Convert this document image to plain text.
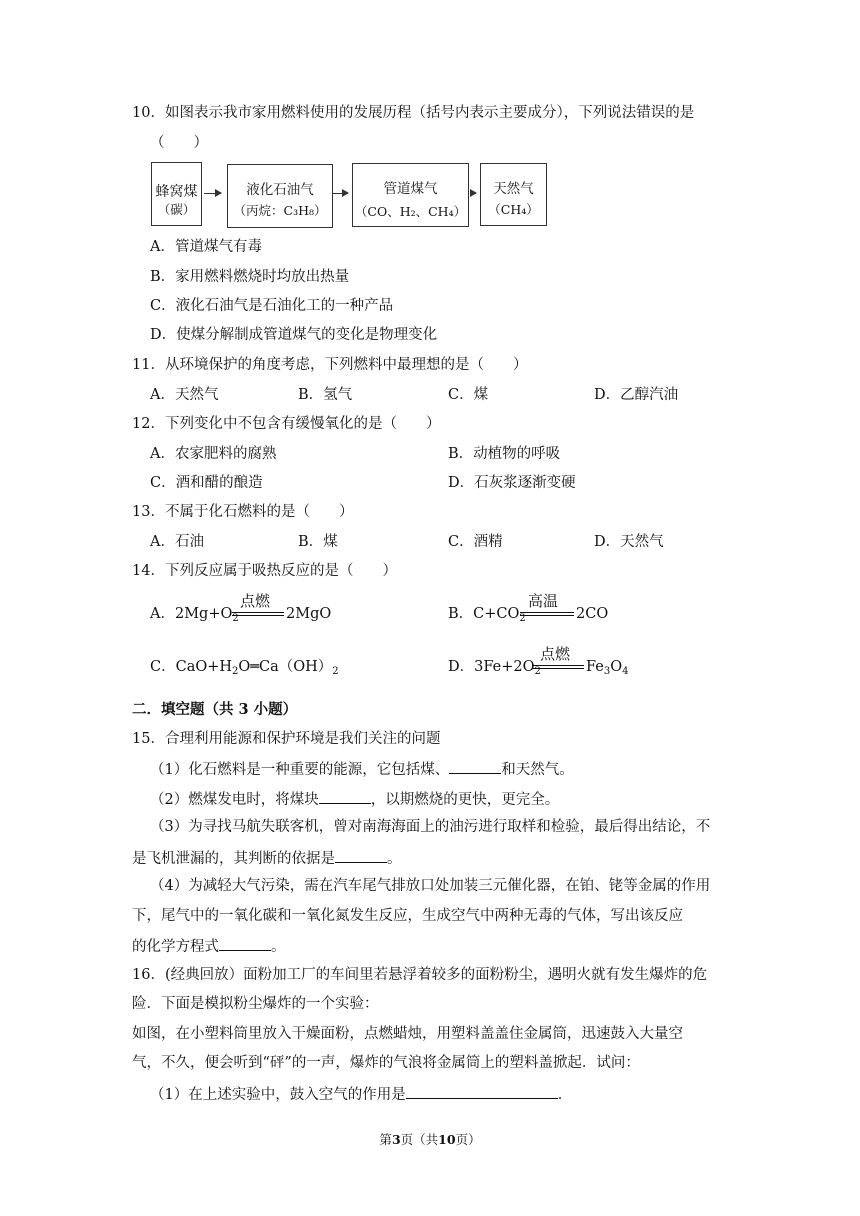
10．如图表示我市家用燃料使用的发展历程（括号内表示主要成分），下列说法错误的是
（　　）
蜂窝煤
（碳）
液化石油气
（丙烷：C₃H₈）
管道煤气
（CO、H₂、CH₄）
天然气
（CH₄）
A．管道煤气有毒
B．家用燃料燃烧时均放出热量
C．液化石油气是石油化工的一种产品
D．使煤分解制成管道煤气的变化是物理变化
11．从环境保护的角度考虑，下列燃料中最理想的是（　　）
A．天然气	B．氢气	C．煤	D．乙醇汽油
12．下列变化中不包含有缓慢氧化的是（　　）
A．农家肥料的腐熟	B．动植物的呼吸
C．酒和醋的酿造	D．石灰浆逐渐变硬
13．不属于化石燃料的是（　　）
A．石油	B．煤	C．酒精	D．天然气
14．下列反应属于吸热反应的是（　　）
A．$2Mg+O_2$
点燃
2MgO	B．$C+CO_2$
高温
2CO
C．$CaO+H_2O═Ca(OH)_2$	D．$3Fe+2O_2$
点燃
$Fe_3O_4$
二．填空题（共 3 小题）
15．合理利用能源和保护环境是我们关注的问题
（1）化石燃料是一种重要的能源，它包括煤、	和天然气。
（2）燃煤发电时，将煤块	，以期燃烧的更快，更完全。
（3）为寻找马航失联客机，曾对南海海面上的油污进行取样和检验，最后得出结论，不
是飞机泄漏的，其判断的依据是	。
（4）为减轻大气污染，需在汽车尾气排放口处加装三元催化器，在铂、铑等金属的作用
下，尾气中的一氧化碳和一氧化氮发生反应，生成空气中两种无毒的气体，写出该反应
的化学方程式	。
16．(经典回放）面粉加工厂的车间里若悬浮着较多的面粉粉尘，遇明火就有发生爆炸的危
险．下面是模拟粉尘爆炸的一个实验：
如图，在小塑料筒里放入干燥面粉，点燃蜡烛，用塑料盖盖住金属筒，迅速鼓入大量空
气，不久，便会听到“砰”的一声，爆炸的气浪将金属筒上的塑料盖掀起．试问：
（1）在上述实验中，鼓入空气的作用是	．
第3页（共10页）
